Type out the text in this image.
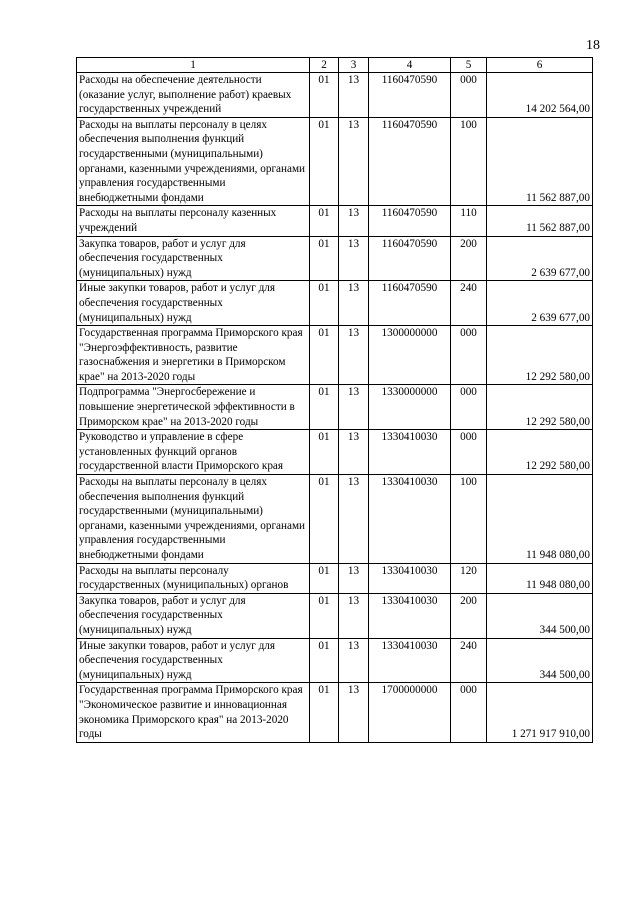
18
1	2	3	4	5	6
Расходы на обеспечение деятельности (оказание услуг, выполнение работ) краевых государственных учреждений	01	13	1160470590	000	14 202 564,00
Расходы на выплаты персоналу в целях обеспечения выполнения функций государственными (муниципальными) органами, казенными учреждениями, органами управления государственными внебюджетными фондами	01	13	1160470590	100	11 562 887,00
Расходы на выплаты персоналу казенных учреждений	01	13	1160470590	110	11 562 887,00
Закупка товаров, работ и услуг для обеспечения государственных (муниципальных) нужд	01	13	1160470590	200	2 639 677,00
Иные закупки товаров, работ и услуг для обеспечения государственных (муниципальных) нужд	01	13	1160470590	240	2 639 677,00
Государственная программа Приморского края "Энергоэффективность, развитие газоснабжения и энергетики в Приморском крае" на 2013-2020 годы	01	13	1300000000	000	12 292 580,00
Подпрограмма "Энергосбережение и повышение энергетической эффективности в Приморском крае" на 2013-2020 годы	01	13	1330000000	000	12 292 580,00
Руководство и управление в сфере установленных функций органов государственной власти Приморского края	01	13	1330410030	000	12 292 580,00
Расходы на выплаты персоналу в целях обеспечения выполнения функций государственными (муниципальными) органами, казенными учреждениями, органами управления государственными внебюджетными фондами	01	13	1330410030	100	11 948 080,00
Расходы на выплаты персоналу государственных (муниципальных) органов	01	13	1330410030	120	11 948 080,00
Закупка товаров, работ и услуг для обеспечения государственных (муниципальных) нужд	01	13	1330410030	200	344 500,00
Иные закупки товаров, работ и услуг для обеспечения государственных (муниципальных) нужд	01	13	1330410030	240	344 500,00
Государственная программа Приморского края "Экономическое развитие и инновационная экономика Приморского края" на 2013-2020 годы	01	13	1700000000	000	1 271 917 910,00
